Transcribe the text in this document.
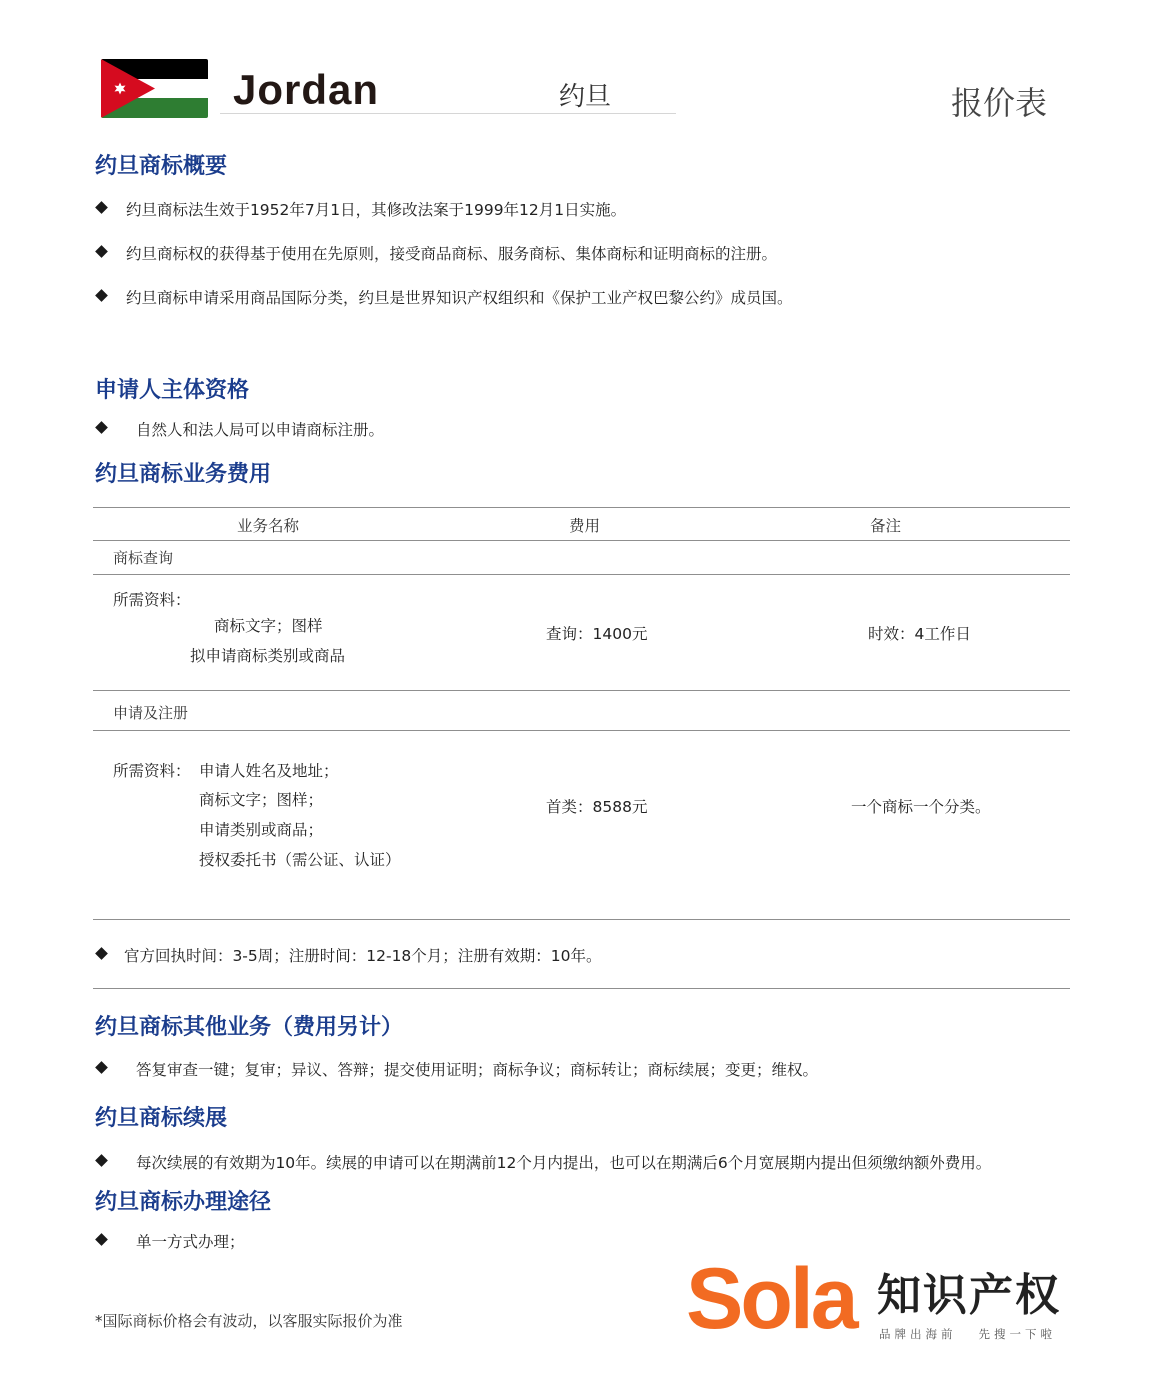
Jordan	约旦	报价表
约旦商标概要
约旦商标法生效于1952年7月1日，其修改法案于1999年12月1日实施。
约旦商标权的获得基于使用在先原则，接受商品商标、服务商标、集体商标和证明商标的注册。
约旦商标申请采用商品国际分类，约旦是世界知识产权组织和《保护工业产权巴黎公约》成员国。
申请人主体资格
自然人和法人局可以申请商标注册。
约旦商标业务费用
业务名称	费用	备注
商标查询
所需资料：
商标文字；图样
拟申请商标类别或商品
查询：1400元	时效：4工作日
申请及注册
所需资料： 申请人姓名及地址；
商标文字；图样；
申请类别或商品；
授权委托书（需公证、认证）
首类：8588元	一个商标一个分类。
官方回执时间：3-5周；注册时间：12-18个月；注册有效期：10年。
约旦商标其他业务（费用另计）
答复审查一键；复审；异议、答辩；提交使用证明；商标争议；商标转让；商标续展；变更；维权。
约旦商标续展
每次续展的有效期为10年。续展的申请可以在期满前12个月内提出，也可以在期满后6个月宽展期内提出但须缴纳额外费用。
约旦商标办理途径
单一方式办理；
*国际商标价格会有波动，以客服实际报价为准	Sola 知识产权
品牌出海前 先搜一下啦
